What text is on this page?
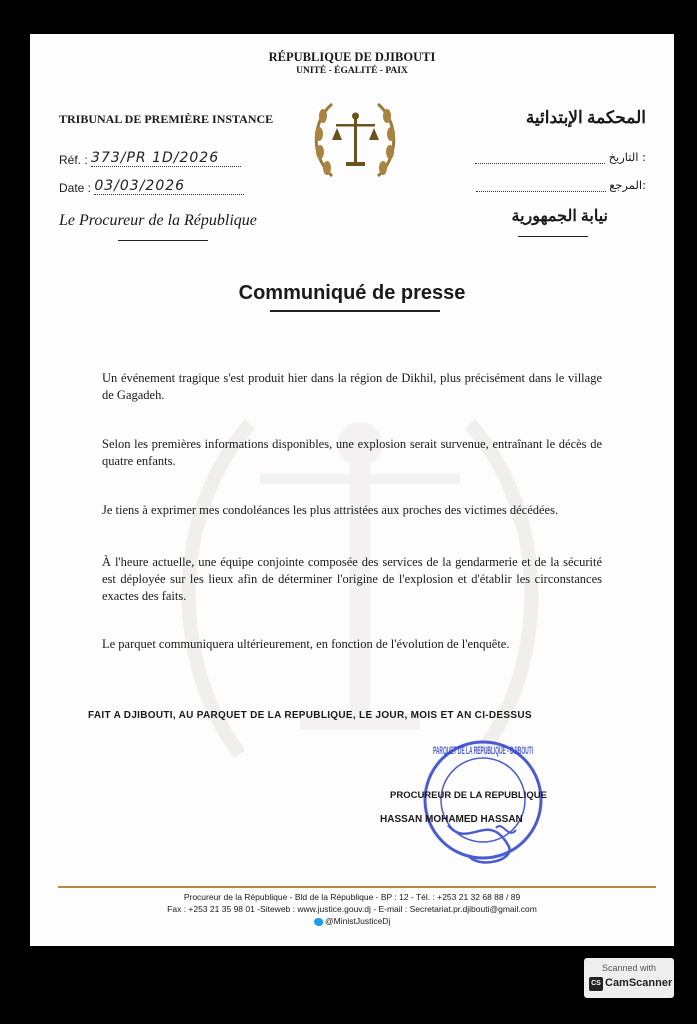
RÉPUBLIQUE DE DJIBOUTI
UNITÉ - ÉGALITÉ - PAIX
TRIBUNAL DE PREMIÈRE INSTANCE	المحكمة الإبتدائية
Réf. : 373/PR 1D/2026
Date : 03/03/2026
التاريخ :
المرجع:
Le Procureur de la République	نيابة الجمهورية
Communiqué de presse
Un événement tragique s'est produit hier dans la région de Dikhil, plus précisément dans le village de Gagadeh.
Selon les premières informations disponibles, une explosion serait survenue, entraînant le décès de quatre enfants.
Je tiens à exprimer mes condoléances les plus attristées aux proches des victimes décédées.
À l'heure actuelle, une équipe conjointe composée des services de la gendarmerie et de la sécurité est déployée sur les lieux afin de déterminer l'origine de l'explosion et d'établir les circonstances exactes des faits.
Le parquet communiquera ultérieurement, en fonction de l'évolution de l'enquête.
FAIT A DJIBOUTI, AU PARQUET DE LA REPUBLIQUE, LE JOUR, MOIS ET AN CI-DESSUS
PARQUET DE LA REPUBLIQUE - DJIBOUTI
PROCUREUR DE LA REPUBLIQUE
HASSAN MOHAMED HASSAN
Procureur de la République - Bld de la République - BP : 12 - Tél. : +253 21 32 68 88 / 89
Fax : +253 21 35 98 01 -Siteweb : www.justice.gouv.dj - E-mail : Secretariat.pr.djibouti@gmail.com
@MinistJusticeDj
Scanned with
CS CamScanner
